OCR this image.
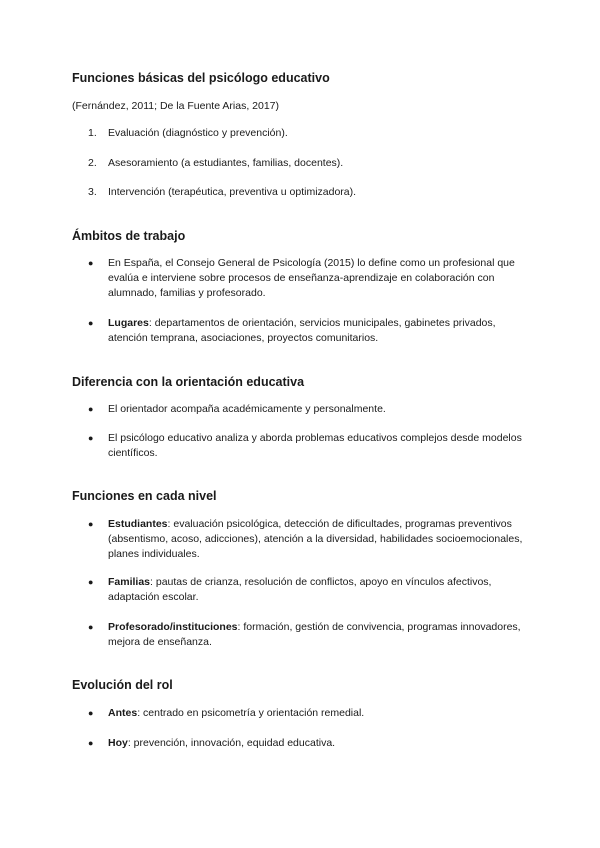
Funciones básicas del psicólogo educativo

(Fernández, 2011; De la Fuente Arias, 2017)

1. Evaluación (diagnóstico y prevención).
2. Asesoramiento (a estudiantes, familias, docentes).
3. Intervención (terapéutica, preventiva u optimizadora).
Ámbitos de trabajo
● En España, el Consejo General de Psicología (2015) lo define como un profesional que evalúa e interviene sobre procesos de enseñanza-aprendizaje en colaboración con alumnado, familias y profesorado.
● Lugares: departamentos de orientación, servicios municipales, gabinetes privados, atención temprana, asociaciones, proyectos comunitarios.
Diferencia con la orientación educativa
● El orientador acompaña académicamente y personalmente.
● El psicólogo educativo analiza y aborda problemas educativos complejos desde modelos científicos.
Funciones en cada nivel
● Estudiantes: evaluación psicológica, detección de dificultades, programas preventivos (absentismo, acoso, adicciones), atención a la diversidad, habilidades socioemocionales, planes individuales.
● Familias: pautas de crianza, resolución de conflictos, apoyo en vínculos afectivos, adaptación escolar.
● Profesorado/instituciones: formación, gestión de convivencia, programas innovadores, mejora de enseñanza.
Evolución del rol
● Antes: centrado en psicometría y orientación remedial.
● Hoy: prevención, innovación, equidad educativa.
